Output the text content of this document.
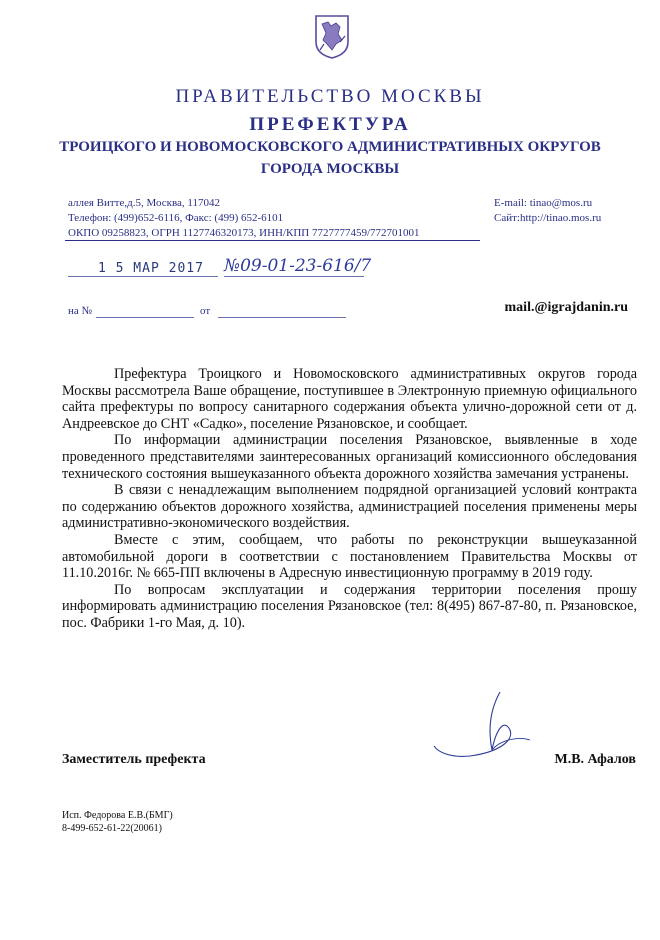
ПРАВИТЕЛЬСТВО МОСКВЫ
ПРЕФЕКТУРА
ТРОИЦКОГО И НОВОМОСКОВСКОГО АДМИНИСТРАТИВНЫХ ОКРУГОВ
ГОРОДА МОСКВЫ
аллея Витте,д.5, Москва, 117042
Телефон: (499)652-6116, Факс: (499) 652-6101
ОКПО 09258823, ОГРН 1127746320173, ИНН/КПП 7727777459/772701001
E-mail: tinao@mos.ru
Сайт:http://tinao.mos.ru
1 5 МАР 2017 №09-01-23-616/7
на №	от	mail.@igrajdanin.ru

Префектура Троицкого и Новомосковского административных округов города Москвы рассмотрела Ваше обращение, поступившее в Электронную приемную официального сайта префектуры по вопросу санитарного содержания объекта улично-дорожной сети от д. Андреевское до СНТ «Садко», поселение Рязановское, и сообщает.

По информации администрации поселения Рязановское, выявленные в ходе проведенного представителями заинтересованных организаций комиссионного обследования технического состояния вышеуказанного объекта дорожного хозяйства замечания устранены.

В связи с ненадлежащим выполнением подрядной организацией условий контракта по содержанию объектов дорожного хозяйства, администрацией поселения применены меры административно-экономического воздействия.

Вместе с этим, сообщаем, что работы по реконструкции вышеуказанной автомобильной дороги в соответствии с постановлением Правительства Москвы от 11.10.2016г. № 665-ПП включены в Адресную инвестиционную программу в 2019 году.

По вопросам эксплуатации и содержания территории поселения прошу информировать администрацию поселения Рязановское (тел: 8(495) 867-87-80, п. Рязановское, пос. Фабрики 1-го Мая, д. 10).

Заместитель префекта	М.В. Афалов
Исп. Федорова Е.В.(БМГ)
8-499-652-61-22(20061)
